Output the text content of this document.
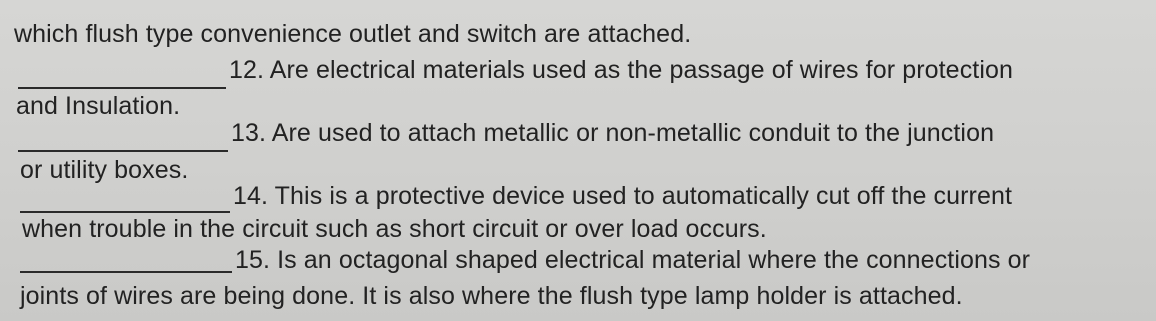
which flush type convenience outlet and switch are attached.
12. Are electrical materials used as the passage of wires for protection
and Insulation.
13. Are used to attach metallic or non-metallic conduit to the junction
or utility boxes.
14. This is a protective device used to automatically cut off the current
when trouble in the circuit such as short circuit or over load occurs.
15. Is an octagonal shaped electrical material where the connections or
joints of wires are being done. It is also where the flush type lamp holder is attached.
